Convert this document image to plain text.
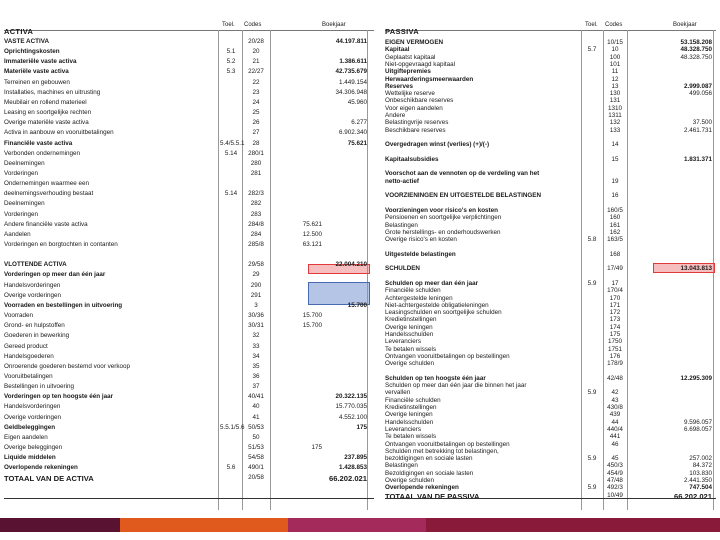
Toel. Codes	Boekjaar
ACTIVA
VASTE ACTIVA	20/28	44.197.811
Oprichtingskosten	5.1	20
Immateriële vaste activa	5.2	21	1.386.611
Materiële vaste activa	5.3	22/27	42.735.679
Terreinen en gebouwen	22	1.449.154
Installaties, machines en uitrusting	23	34.306.948
Meubilair en rollend materieel	24	45.960
Leasing en soortgelijke rechten	25
Overige materiële vaste activa	26	6.277
Activa in aanbouw en vooruitbetalingen	27	6.902.340
Financiële vaste activa	5.4/5.5.1	28	75.621
Verbonden ondernemingen	5.14	280/1
Deelnemingen	280
Vorderingen	281
Ondernemingen waarmee een
deelnemingsverhouding bestaat	5.14	282/3
Deelnemingen	282
Vorderingen	283
Andere financiële vaste activa	284/8	75.621
Aandelen	284	12.500
Vorderingen en borgtochten in contanten	285/8	63.121
VLOTTENDE ACTIVA	29/58	22.004.210
Vorderingen op meer dan één jaar	29
Handelsvorderingen	290
Overige vorderingen	291
Voorraden en bestellingen in uitvoering	3	15.700
Voorraden	30/36	15.700
Grond- en hulpstoffen	30/31	15.700
Goederen in bewerking	32
Gereed product	33
Handelsgoederen	34
Onroerende goederen bestemd voor verkoop	35
Vooruitbetalingen	36
Bestellingen in uitvoering	37
Vorderingen op ten hoogste één jaar	40/41	20.322.135
Handelsvorderingen	40	15.770.035
Overige vorderingen	41	4.552.100
Geldbeleggingen	5.5.1/5.6 50/53	175
Eigen aandelen	50
Overige beleggingen	51/53	175
Liquide middelen	54/58	237.895
Overlopende rekeningen	5.6	490/1	1.428.853
TOTAAL VAN DE ACTIVA	20/58	66.202.021
Toel. Codes	Boekjaar
PASSIVA
EIGEN VERMOGEN	10/15	53.158.208
Kapitaal	5.7	10	48.328.750
Geplaatst kapitaal	100	48.328.750
Niet-opgevraagd kapitaal	101
Uitgiftepremies	11
Herwaarderingsmeerwaarden	12
Reserves	13	2.999.087
Wettelijke reserve	130	499.056
Onbeschikbare reserves	131
Voor eigen aandelen	1310
Andere	1311
Belastingvrije reserves	132	37.500
Beschikbare reserves	133	2.461.731
Overgedragen winst (verlies) (+)/(-)	14
Kapitaalsubsidies	15	1.831.371
Voorschot aan de vennoten op de verdeling van het
netto-actief	19
VOORZIENINGEN EN UITGESTELDE BELASTINGEN	16
Voorzieningen voor risico's en kosten	160/5
Pensioenen en soortgelijke verplichtingen	160
Belastingen	161
Grote herstellings- en onderhoudswerken	162
Overige risico's en kosten	5.8	163/5
Uitgestelde belastingen	168
SCHULDEN	17/49	13.043.813
Schulden op meer dan één jaar	5.9	17
Financiële schulden	170/4
Achtergestelde leningen	170
Niet-achtergestelde obligatieleningen	171
Leasingschulden en soortgelijke schulden	172
Kredietinstellingen	173
Overige leningen	174
Handelsschulden	175
Leveranciers	1750
Te betalen wissels	1751
Ontvangen vooruitbetalingen op bestellingen	176
Overige schulden	178/9
Schulden op ten hoogste één jaar	42/48	12.295.309
Schulden op meer dan één jaar die binnen het jaar
vervallen	5.9	42
Financiële schulden	43
Kredietinstellingen	430/8
Overige leningen	439
Handelsschulden	44	9.596.057
Leveranciers	440/4	6.698.057
Te betalen wissels	441
Ontvangen vooruitbetalingen op bestellingen	46
Schulden met betrekking tot belastingen,
bezoldigingen en sociale lasten	5.9	45	257.002
Belastingen	450/3	84.372
Bezoldigingen en sociale lasten	454/9	103.830
Overige schulden	47/48	2.441.350
Overlopende rekeningen	5.9	492/3	747.504
TOTAAL VAN DE PASSIVA	10/49	66.202.021
